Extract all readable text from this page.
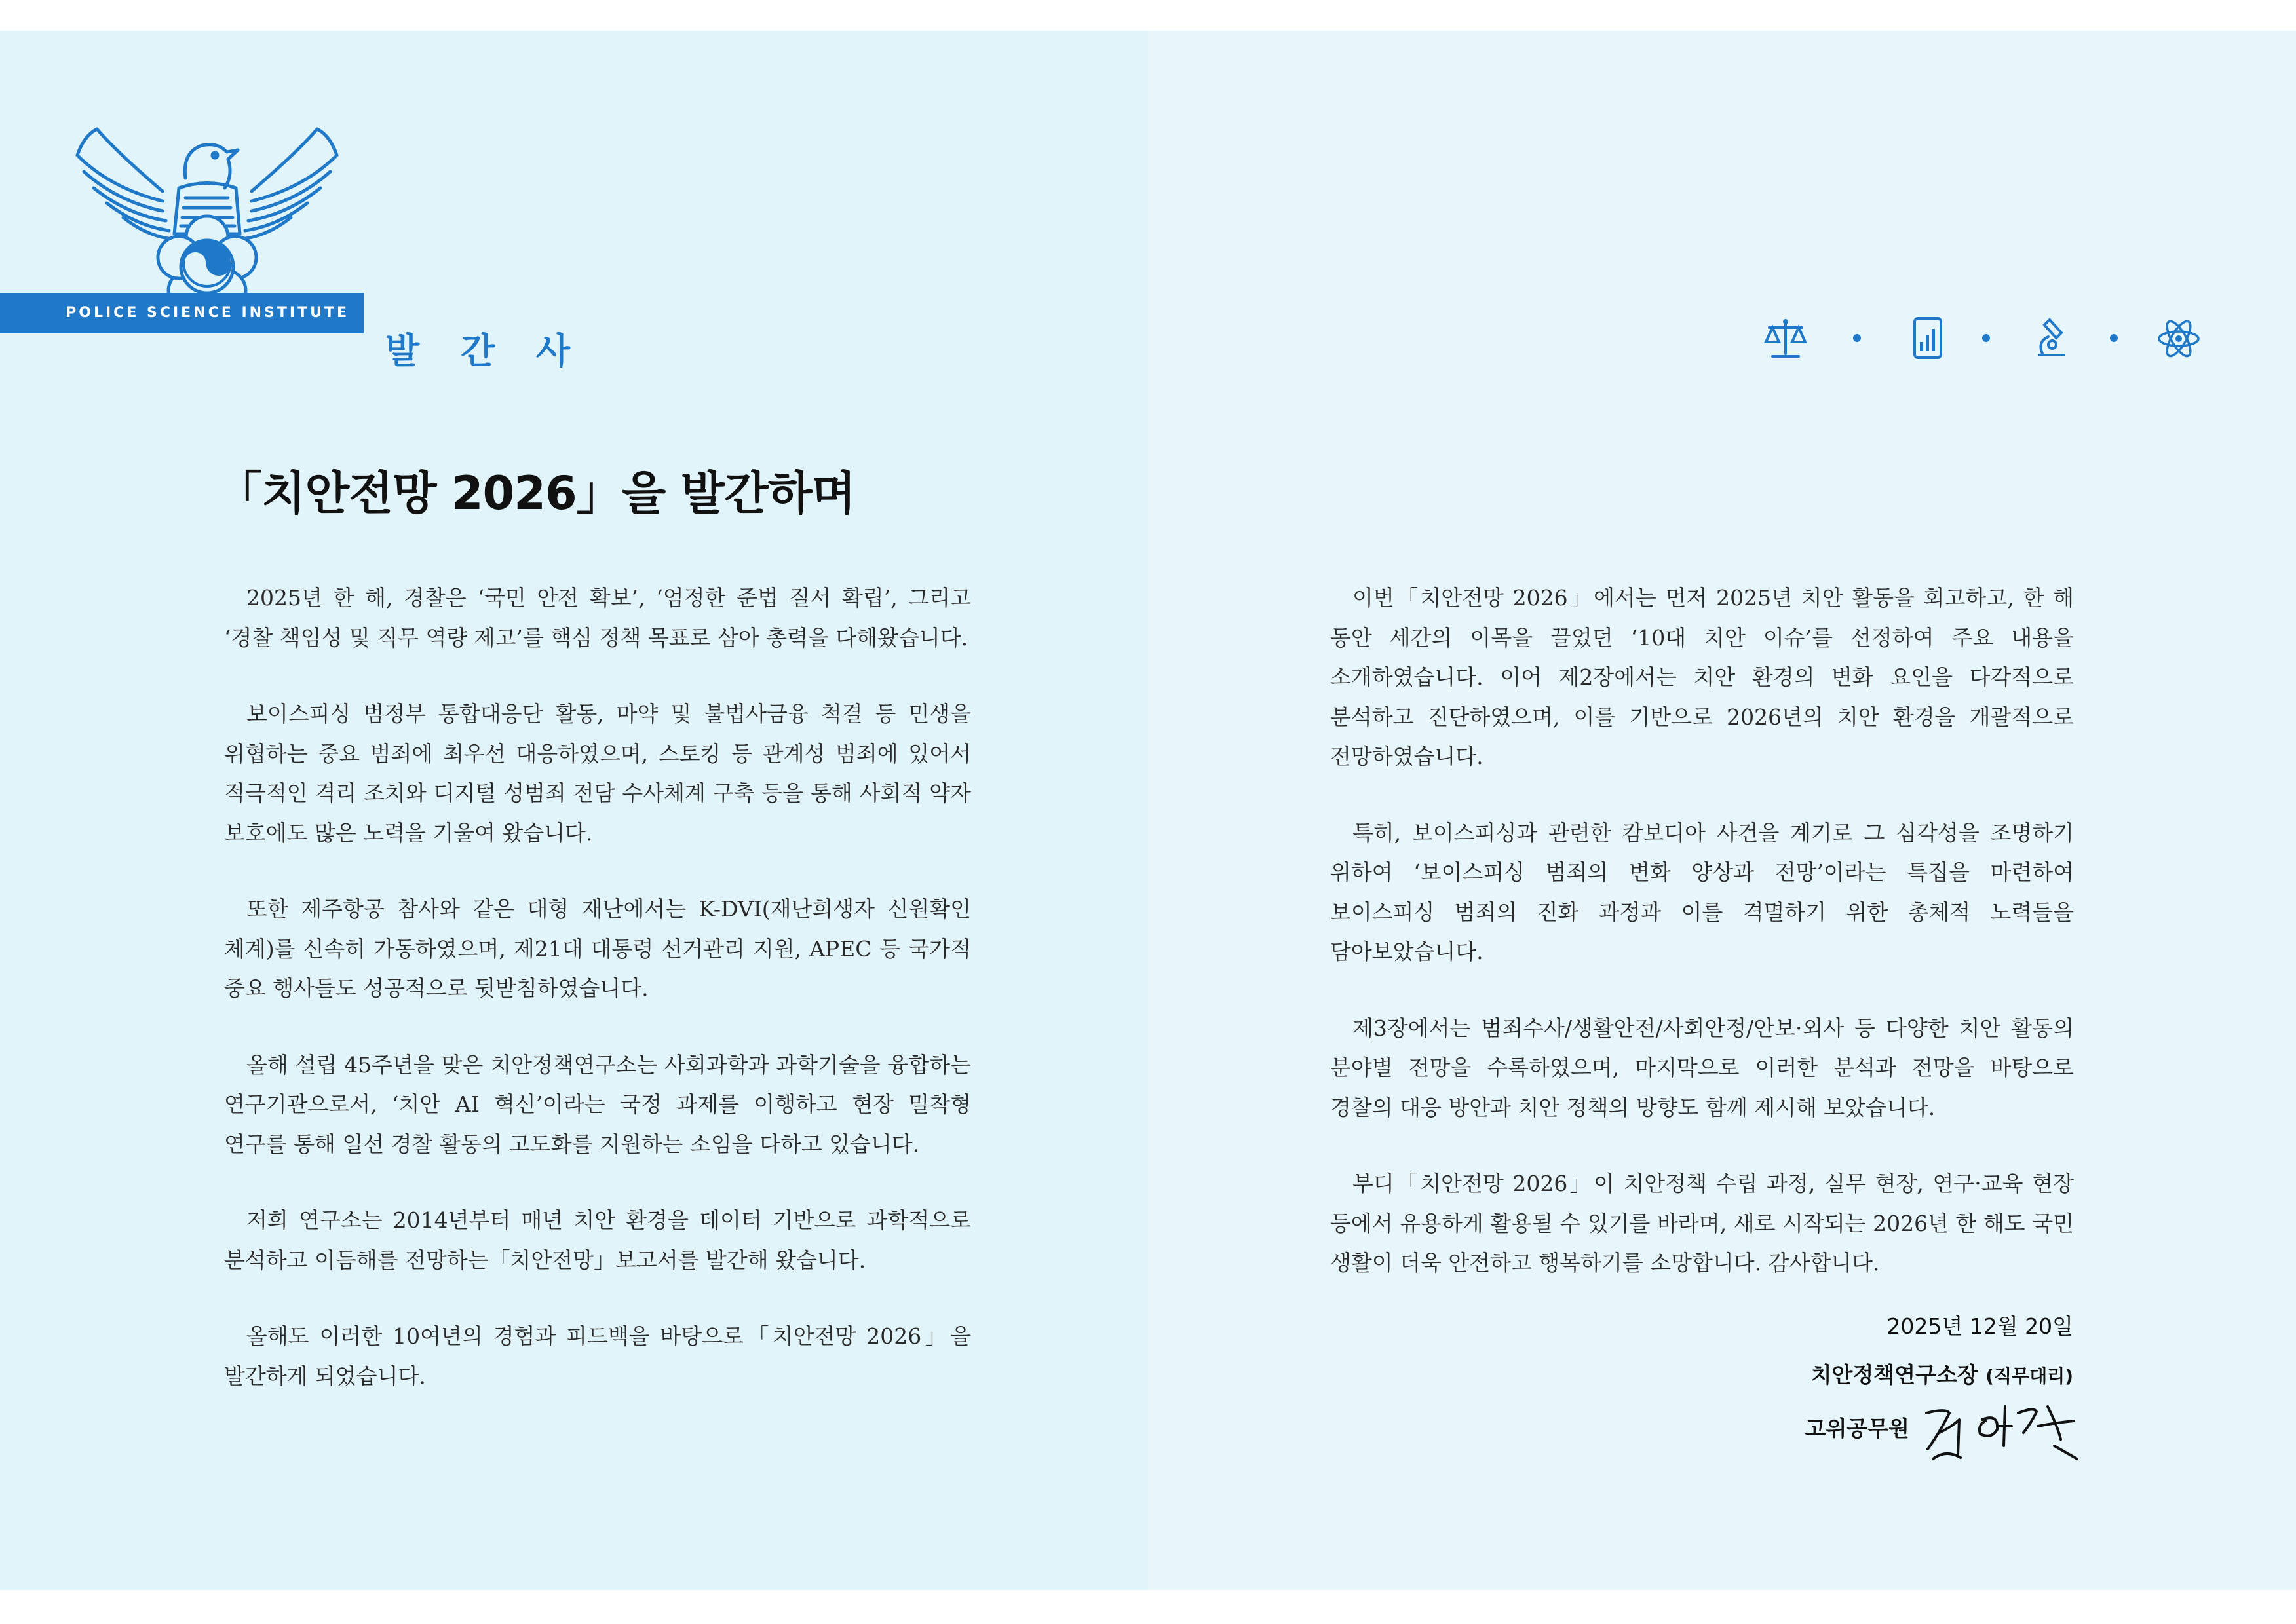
POLICE SCIENCE INSTITUTE
발 간 사
「치안전망 2026」을 발간하며

2025년 한 해, 경찰은 ‘국민 안전 확보’, ‘엄정한 준법 질서 확립’, 그리고 ‘경찰 책임성 및 직무 역량 제고’를 핵심 정책 목표로 삼아 총력을 다해왔습니다.

보이스피싱 범정부 통합대응단 활동, 마약 및 불법사금융 척결 등 민생을 위협하는 중요 범죄에 최우선 대응하였으며, 스토킹 등 관계성 범죄에 있어서 적극적인 격리 조치와 디지털 성범죄 전담 수사체계 구축 등을 통해 사회적 약자 보호에도 많은 노력을 기울여 왔습니다.

또한 제주항공 참사와 같은 대형 재난에서는 K-DVI(재난희생자 신원확인 체계)를 신속히 가동하였으며, 제21대 대통령 선거관리 지원, APEC 등 국가적 중요 행사들도 성공적으로 뒷받침하였습니다.

올해 설립 45주년을 맞은 치안정책연구소는 사회과학과 과학기술을 융합하는 연구기관으로서, ‘치안 AI 혁신’이라는 국정 과제를 이행하고 현장 밀착형 연구를 통해 일선 경찰 활동의 고도화를 지원하는 소임을 다하고 있습니다.

저희 연구소는 2014년부터 매년 치안 환경을 데이터 기반으로 과학적으로 분석하고 이듬해를 전망하는「치안전망」보고서를 발간해 왔습니다.

올해도 이러한 10여년의 경험과 피드백을 바탕으로「치안전망 2026」을 발간하게 되었습니다.

이번「치안전망 2026」에서는 먼저 2025년 치안 활동을 회고하고, 한 해 동안 세간의 이목을 끌었던 ‘10대 치안 이슈’를 선정하여 주요 내용을 소개하였습니다. 이어 제2장에서는 치안 환경의 변화 요인을 다각적으로 분석하고 진단하였으며, 이를 기반으로 2026년의 치안 환경을 개괄적으로 전망하였습니다.

특히, 보이스피싱과 관련한 캄보디아 사건을 계기로 그 심각성을 조명하기 위하여 ‘보이스피싱 범죄의 변화 양상과 전망’이라는 특집을 마련하여 보이스피싱 범죄의 진화 과정과 이를 격멸하기 위한 총체적 노력들을 담아보았습니다.

제3장에서는 범죄수사/생활안전/사회안정/안보·외사 등 다양한 치안 활동의 분야별 전망을 수록하였으며, 마지막으로 이러한 분석과 전망을 바탕으로 경찰의 대응 방안과 치안 정책의 방향도 함께 제시해 보았습니다.

부디「치안전망 2026」이 치안정책 수립 과정, 실무 현장, 연구·교육 현장 등에서 유용하게 활용될 수 있기를 바라며, 새로 시작되는 2026년 한 해도 국민 생활이 더욱 안전하고 행복하기를 소망합니다. 감사합니다.

2025년 12월 20일
치안정책연구소장 (직무대리)
고위공무원
